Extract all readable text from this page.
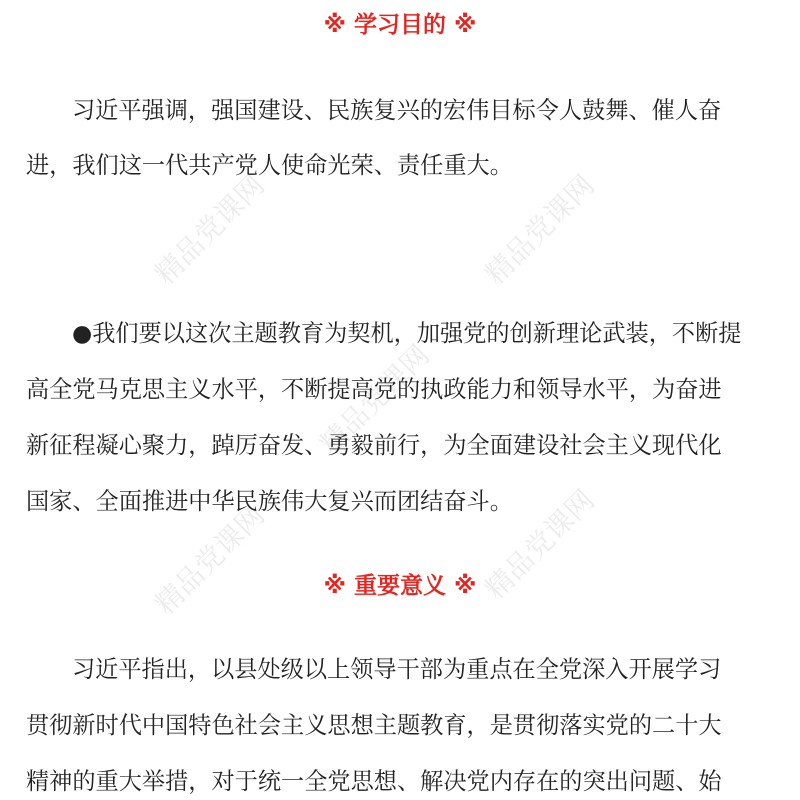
精品党课网	精品党课网
精品党课网
精品党课网	精品党课网
※ 学习目的 ※
习近平强调，强国建设、民族复兴的宏伟目标令人鼓舞、催人奋
进，我们这一代共产党人使命光荣、责任重大。
●我们要以这次主题教育为契机，加强党的创新理论武装，不断提
高全党马克思主义水平，不断提高党的执政能力和领导水平，为奋进
新征程凝心聚力，踔厉奋发、勇毅前行，为全面建设社会主义现代化
国家、全面推进中华民族伟大复兴而团结奋斗。
※ 重要意义 ※
习近平指出，以县处级以上领导干部为重点在全党深入开展学习
贯彻新时代中国特色社会主义思想主题教育，是贯彻落实党的二十大
精神的重大举措，对于统一全党思想、解决党内存在的突出问题、始
